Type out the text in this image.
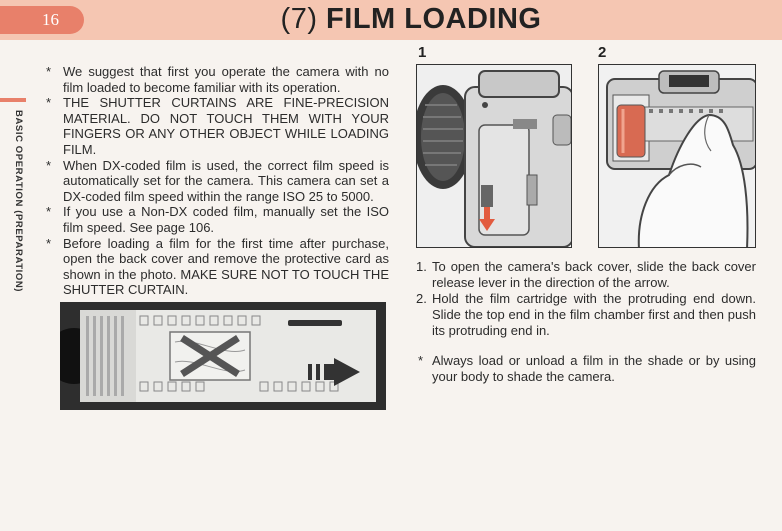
16	(7) FILM LOADING
BASIC OPERATION (PREPARATION)
* We suggest that first you operate the camera with no film loaded to become familiar with its operation.
* THE SHUTTER CURTAINS ARE FINE-PRECISION MATERIAL. DO NOT TOUCH THEM WITH YOUR FINGERS OR ANY OTHER OBJECT WHILE LOADING FILM.
* When DX-coded film is used, the correct film speed is automatically set for the camera. This camera can set a DX-coded film speed within the range ISO 25 to 5000.
* If you use a Non-DX coded film, manually set the ISO film speed. See page 106.
* Before loading a film for the first time after purchase, open the back cover and remove the protective card as shown in the photo. MAKE SURE NOT TO TOUCH THE SHUTTER CURTAIN.
1	2
1. To open the camera's back cover, slide the back cover release lever in the direction of the arrow.
2. Hold the film cartridge with the protruding end down. Slide the top end in the film chamber first and then push its protruding end in.
* Always load or unload a film in the shade or by using your body to shade the camera.
